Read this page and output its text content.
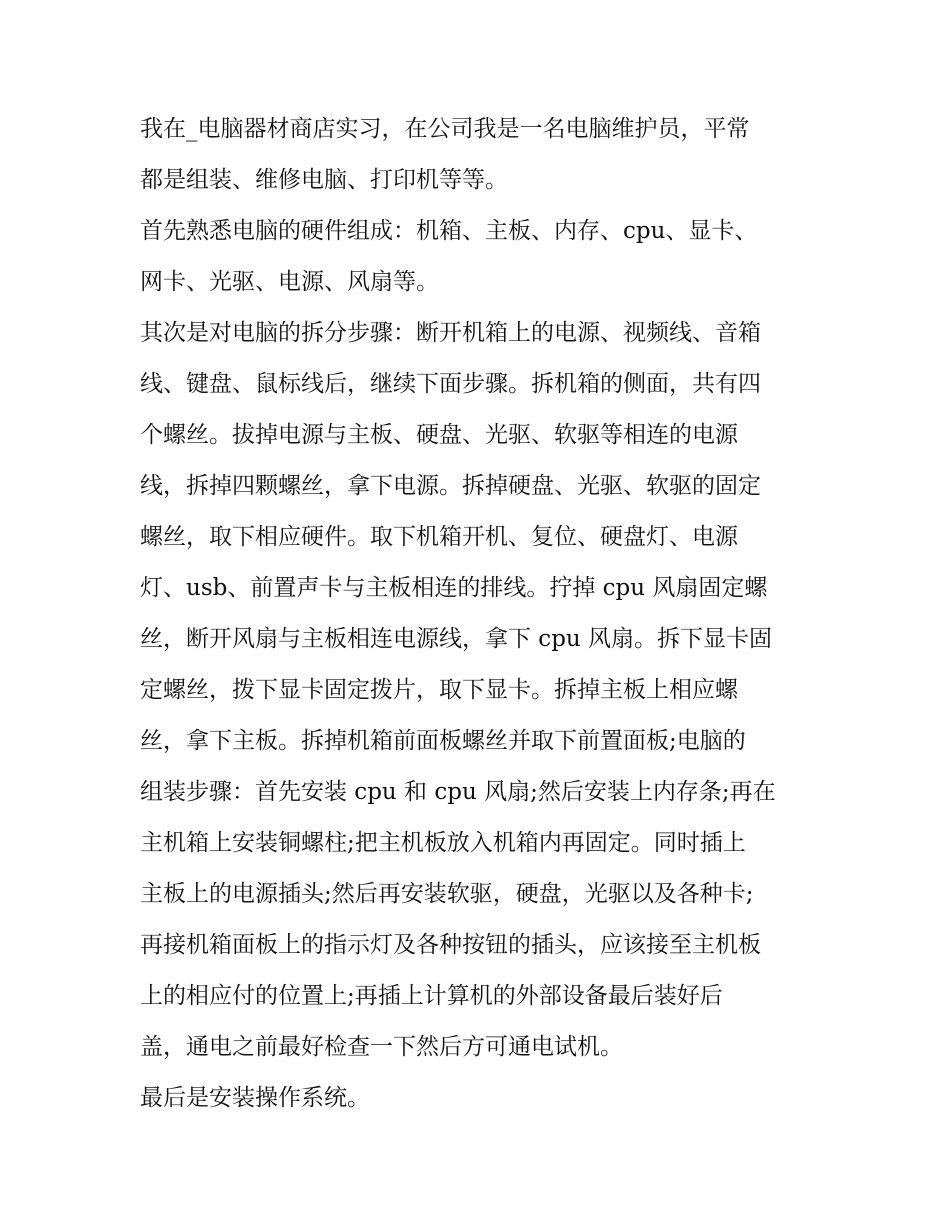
我在_电脑器材商店实习，在公司我是一名电脑维护员，平常
都是组装、维修电脑、打印机等等。
首先熟悉电脑的硬件组成：机箱、主板、内存、cpu、显卡、
网卡、光驱、电源、风扇等。
其次是对电脑的拆分步骤：断开机箱上的电源、视频线、音箱
线、键盘、鼠标线后，继续下面步骤。拆机箱的侧面，共有四
个螺丝。拔掉电源与主板、硬盘、光驱、软驱等相连的电源
线，拆掉四颗螺丝，拿下电源。拆掉硬盘、光驱、软驱的固定
螺丝，取下相应硬件。取下机箱开机、复位、硬盘灯、电源
灯、usb、前置声卡与主板相连的排线。拧掉 cpu 风扇固定螺
丝，断开风扇与主板相连电源线，拿下 cpu 风扇。拆下显卡固
定螺丝，拨下显卡固定拨片，取下显卡。拆掉主板上相应螺
丝，拿下主板。拆掉机箱前面板螺丝并取下前置面板;电脑的
组装步骤：首先安装 cpu 和 cpu 风扇;然后安装上内存条;再在
主机箱上安装铜螺柱;把主机板放入机箱内再固定。同时插上
主板上的电源插头;然后再安装软驱，硬盘，光驱以及各种卡;
再接机箱面板上的指示灯及各种按钮的插头，应该接至主机板
上的相应付的位置上;再插上计算机的外部设备最后装好后
盖，通电之前最好检查一下然后方可通电试机。
最后是安装操作系统。
